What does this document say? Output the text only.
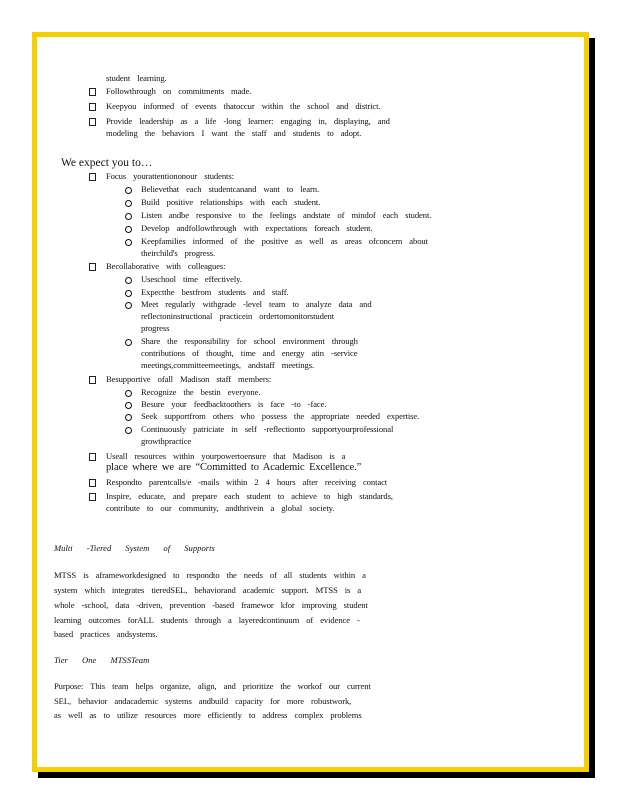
We expect you to…
place where we are “Committed to Academic Excellence.”
Multi -Tiered System of Supports
Tier One MTSSTeam
student learning.
Followthrough on commitments made.
Keepyou informed of events thatoccur within the school and district.
Provide leadership as a life -long learner: engaging in, displaying, and
modeling the behaviors I want the staff and students to adopt.
Focus yourattentiononour students:
Believethat each studentcanand want to learn.
Build positive relationships with each student.
Listen andbe responsive to the feelings andstate of mindof each student.
Develop andfollowthrough with expectations foreach student.
Keepfamilies informed of the positive as well as areas ofconcern about
theirchild's progress.
Becollaborative with colleagues:
Useschool time effectively.
Expectthe bestfrom students and staff.
Meet regularly withgrade -level team to analyze data and
reflectoninstructional practicein ordertomonitorstudent
progress
Share the responsibility for school environment through
contributions of thought, time and energy atin -service
meetings,committeemeetings, andstaff meetings.
Besupportive ofall Madison staff members:
Recognize the bestin everyone.
Besure your feedbacktoothers is face -to -face.
Seek supportfrom others who possess the appropriate needed expertise.
Continuously patriciate in self -reflectionto supportyourprofessional
growthpractice
Useall resources within yourpowertoensure that Madison is a
Respondto parentcalls/e -mails within 2 4 hours after receiving contact
Inspire, educate, and prepare each student to achieve to high standards,
contribute to our community, andthrivein a global society.
MTSS is aframeworkdesigned to respondto the needs of all students within a
system which integrates tieredSEL, behaviorand academic support. MTSS is a
whole -school, data -driven, prevention -based framewor kfor improving student
learning outcomes forALL students through a layeredcontinuum of evidence -
based practices andsystems.
Purpose: This team helps organize, align, and prioritize the workof our current
SEL, behavior andacademic systems andbuild capacity for more robustwork,
as well as to utilize resources more efficiently to address complex problems
